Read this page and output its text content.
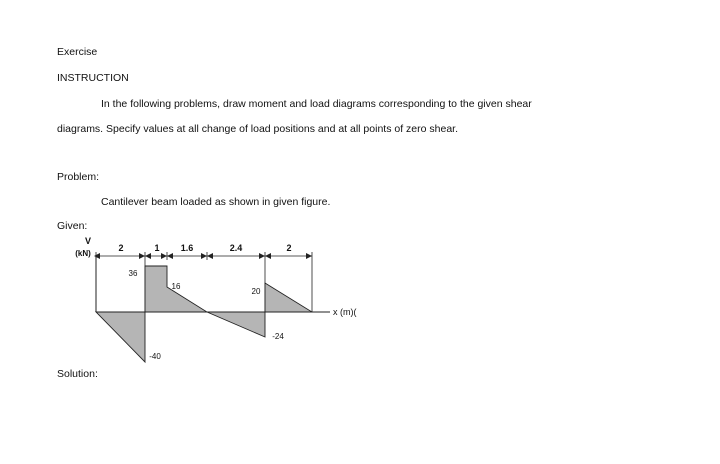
Exercise
INSTRUCTION
In the following problems, draw moment and load diagrams corresponding to the given shear
diagrams. Specify values at all change of load positions and at all points of zero shear.
Problem:
Cantilever beam loaded as shown in given figure.
Given:
Solution:
V
(kN)
2	1 1.6	2.4	2
x (m)(
36
16
20
-24
-40
